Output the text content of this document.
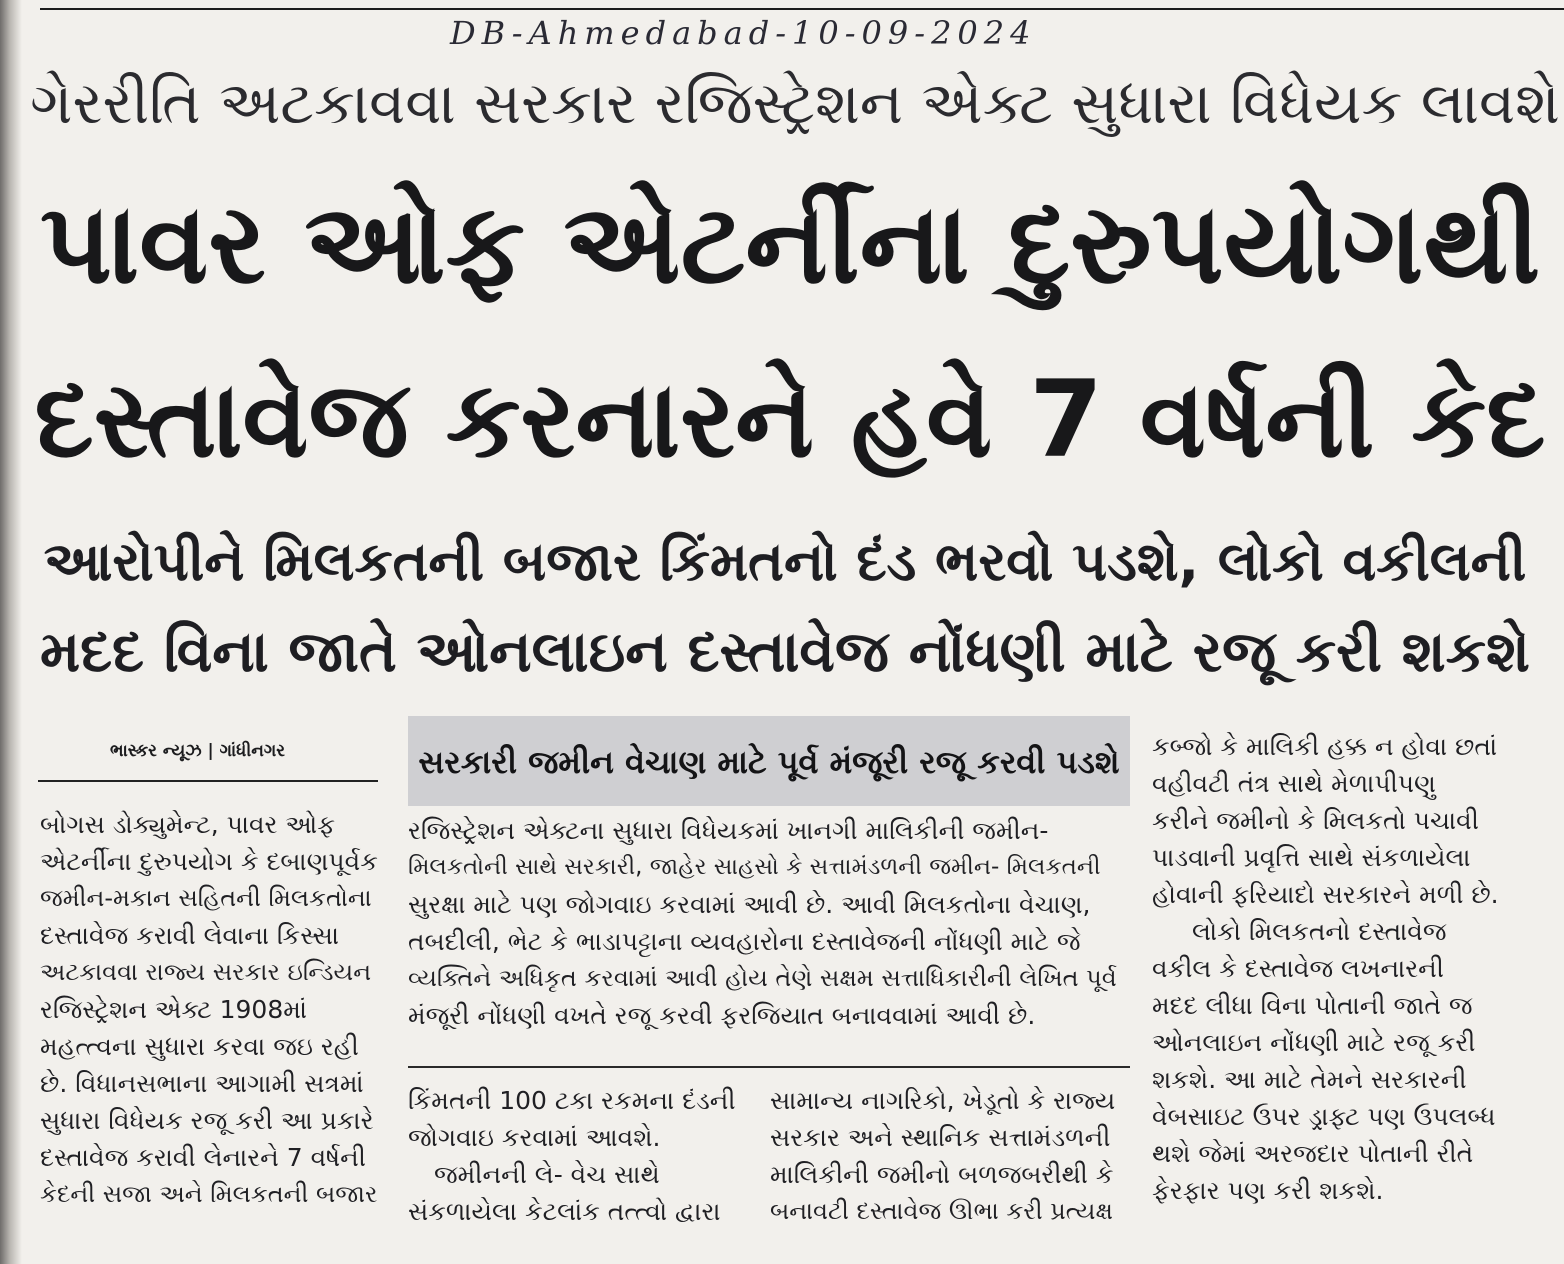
DB-Ahmedabad-10-09-2024
ગેરરીતિ અટકાવવા સરકાર રજિસ્ટ્રેશન એક્ટ સુધારા વિધેયક લાવશે
પાવર ઓફ એટર્નીના દુરુપયોગથી
દસ્તાવેજ કરનારને હવે 7 વર્ષની કેદ
આરોપીને મિલકતની બજાર કિંમતનો દંડ ભરવો પડશે, લોકો વકીલની
મદદ વિના જાતે ઓનલાઇન દસ્તાવેજ નોંધણી માટે રજૂ કરી શકશે
ભાસ્કર ન્યૂઝ | ગાંધીનગર	સરકારી જમીન વેચાણ માટે પૂર્વ મંજૂરી રજૂ કરવી પડશે

બોગસ ડોક્યુમેન્ટ, પાવર ઓફ

એટર્નીના દુરુપયોગ કે દબાણપૂર્વક

જમીન-મકાન સહિતની મિલકતોના

દસ્તાવેજ કરાવી લેવાના કિસ્સા

અટકાવવા રાજ્ય સરકાર ઇન્ડિયન

રજિસ્ટ્રેશન એક્ટ 1908માં

મહત્ત્વના સુધારા કરવા જઇ રહી

છે. વિધાનસભાના આગામી સત્રમાં

સુધારા વિધેયક રજૂ કરી આ પ્રકારે

દસ્તાવેજ કરાવી લેનારને 7 વર્ષની

કેદની સજા અને મિલકતની બજાર

રજિસ્ટ્રેશન એક્ટના સુધારા વિધેયકમાં ખાનગી માલિકીની જમીન-

મિલકતોની સાથે સરકારી, જાહેર સાહસો કે સત્તામંડળની જમીન- મિલકતની

સુરક્ષા માટે પણ જોગવાઇ કરવામાં આવી છે. આવી મિલકતોના વેચાણ,

તબદીલી, ભેટ કે ભાડાપટ્ટાના વ્યવહારોના દસ્તાવેજની નોંધણી માટે જે

વ્યક્તિને અધિકૃત કરવામાં આવી હોય તેણે સક્ષમ સત્તાધિકારીની લેખિત પૂર્વ

મંજૂરી નોંધણી વખતે રજૂ કરવી ફરજિયાત બનાવવામાં આવી છે.

કિંમતની 100 ટકા રકમના દંડની

જોગવાઇ કરવામાં આવશે.

જમીનની લે- વેચ સાથે

સંકળાયેલા કેટલાંક તત્ત્વો દ્વારા

સામાન્ય નાગરિકો, ખેડૂતો કે રાજ્ય

સરકાર અને સ્થાનિક સત્તામંડળની

માલિકીની જમીનો બળજબરીથી કે

બનાવટી દસ્તાવેજ ઊભા કરી પ્રત્યક્ષ

કબ્જો કે માલિકી હક્ક ન હોવા છતાં

વહીવટી તંત્ર સાથે મેળાપીપણુ

કરીને જમીનો કે મિલકતો પચાવી

પાડવાની પ્રવૃત્તિ સાથે સંકળાયેલા

હોવાની ફરિયાદો સરકારને મળી છે.

લોકો મિલકતનો દસ્તાવેજ

વકીલ કે દસ્તાવેજ લખનારની

મદદ લીધા વિના પોતાની જાતે જ

ઓનલાઇન નોંધણી માટે રજૂ કરી

શકશે. આ માટે તેમને સરકારની

વેબસાઇટ ઉપર ડ્રાફ્ટ પણ ઉપલબ્ધ

થશે જેમાં અરજદાર પોતાની રીતે

ફેરફાર પણ કરી શકશે.
